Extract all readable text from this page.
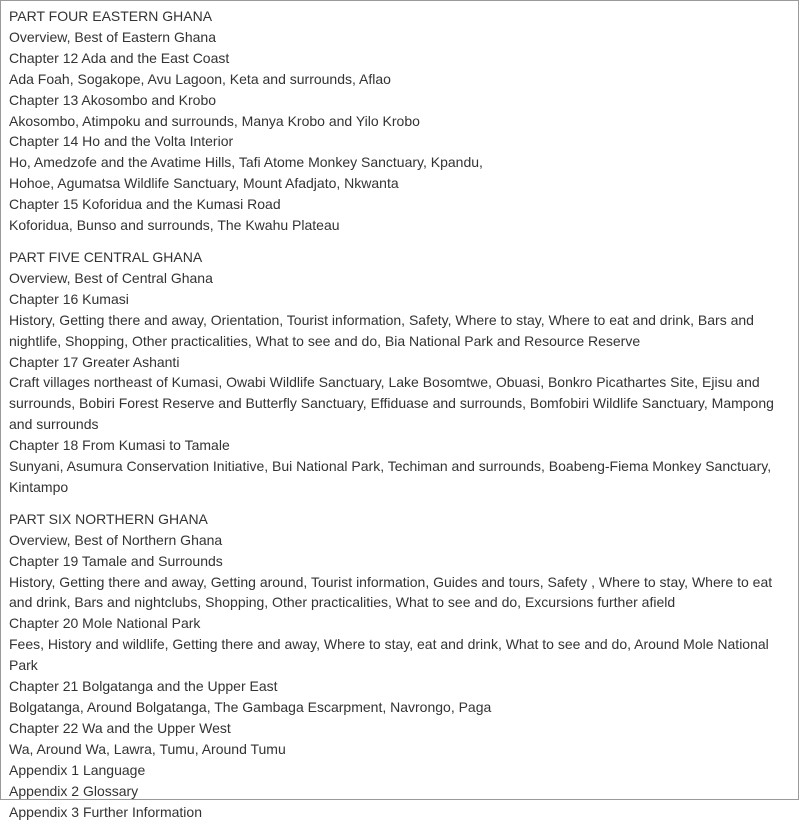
PART FOUR EASTERN GHANA
Overview, Best of Eastern Ghana
Chapter 12 Ada and the East Coast
Ada Foah, Sogakope, Avu Lagoon, Keta and surrounds, Aflao
Chapter 13 Akosombo and Krobo
Akosombo, Atimpoku and surrounds, Manya Krobo and Yilo Krobo
Chapter 14 Ho and the Volta Interior
Ho, Amedzofe and the Avatime Hills, Tafi Atome Monkey Sanctuary, Kpandu,
Hohoe, Agumatsa Wildlife Sanctuary, Mount Afadjato, Nkwanta
Chapter 15 Koforidua and the Kumasi Road
Koforidua, Bunso and surrounds, The Kwahu Plateau
PART FIVE CENTRAL GHANA
Overview, Best of Central Ghana
Chapter 16 Kumasi
History, Getting there and away, Orientation, Tourist information, Safety, Where to stay, Where to eat and drink, Bars and nightlife, Shopping, Other practicalities, What to see and do, Bia National Park and Resource Reserve
Chapter 17 Greater Ashanti
Craft villages northeast of Kumasi, Owabi Wildlife Sanctuary, Lake Bosomtwe, Obuasi, Bonkro Picathartes Site, Ejisu and surrounds, Bobiri Forest Reserve and Butterfly Sanctuary, Effiduase and surrounds, Bomfobiri Wildlife Sanctuary, Mampong and surrounds
Chapter 18 From Kumasi to Tamale
Sunyani, Asumura Conservation Initiative, Bui National Park, Techiman and surrounds, Boabeng-Fiema Monkey Sanctuary, Kintampo
PART SIX NORTHERN GHANA
Overview, Best of Northern Ghana
Chapter 19 Tamale and Surrounds
History, Getting there and away, Getting around, Tourist information, Guides and tours, Safety , Where to stay, Where to eat and drink, Bars and nightclubs, Shopping, Other practicalities, What to see and do, Excursions further afield
Chapter 20 Mole National Park
Fees, History and wildlife, Getting there and away, Where to stay, eat and drink, What to see and do, Around Mole National Park
Chapter 21 Bolgatanga and the Upper East
Bolgatanga, Around Bolgatanga, The Gambaga Escarpment, Navrongo, Paga
Chapter 22 Wa and the Upper West
Wa, Around Wa, Lawra, Tumu, Around Tumu
Appendix 1 Language
Appendix 2 Glossary
Appendix 3 Further Information
